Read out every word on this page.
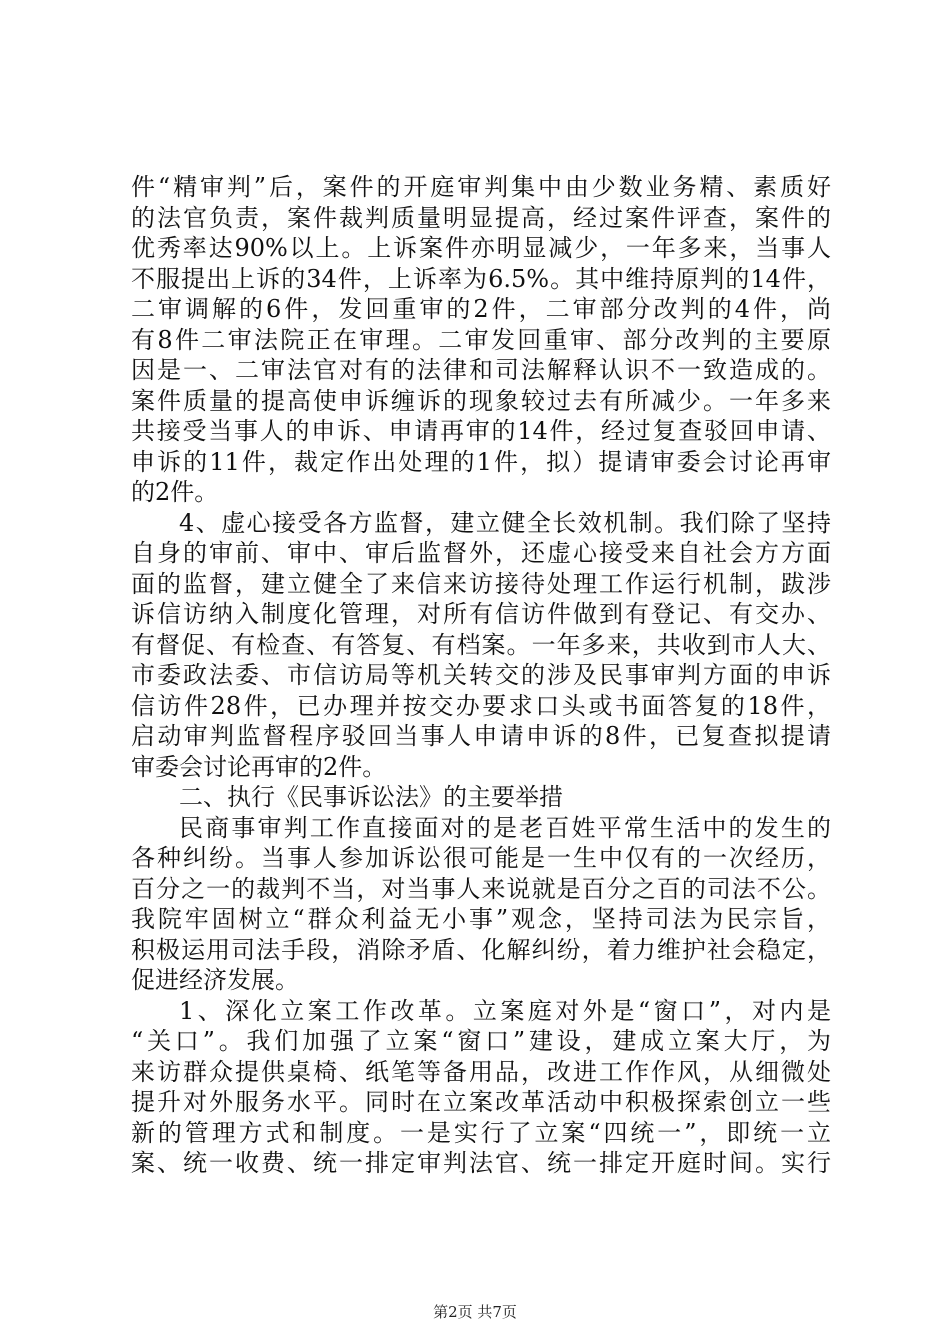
件“精审判”后，案件的开庭审判集中由少数业务精、素质好
的法官负责，案件裁判质量明显提高，经过案件评查，案件的
优秀率达90%以上。上诉案件亦明显减少，一年多来，当事人
不服提出上诉的34件，上诉率为6.5%。其中维持原判的14件，
二审调解的6件，发回重审的2件，二审部分改判的4件，尚
有8件二审法院正在审理。二审发回重审、部分改判的主要原
因是一、二审法官对有的法律和司法解释认识不一致造成的。
案件质量的提高使申诉缠诉的现象较过去有所减少。一年多来
共接受当事人的申诉、申请再审的14件，经过复查驳回申请、
申诉的11件，裁定作出处理的1件，拟）提请审委会讨论再审
的2件。
4、虚心接受各方监督，建立健全长效机制。我们除了坚持
自身的审前、审中、审后监督外，还虚心接受来自社会方方面
面的监督，建立健全了来信来访接待处理工作运行机制，跋涉
诉信访纳入制度化管理，对所有信访件做到有登记、有交办、
有督促、有检查、有答复、有档案。一年多来，共收到市人大、
市委政法委、市信访局等机关转交的涉及民事审判方面的申诉
信访件28件，已办理并按交办要求口头或书面答复的18件，
启动审判监督程序驳回当事人申请申诉的8件，已复查拟提请
审委会讨论再审的2件。
二、执行《民事诉讼法》的主要举措
民商事审判工作直接面对的是老百姓平常生活中的发生的
各种纠纷。当事人参加诉讼很可能是一生中仅有的一次经历，
百分之一的裁判不当，对当事人来说就是百分之百的司法不公。
我院牢固树立“群众利益无小事”观念，坚持司法为民宗旨，
积极运用司法手段，消除矛盾、化解纠纷，着力维护社会稳定，
促进经济发展。
1、深化立案工作改革。立案庭对外是“窗口”，对内是
“关口”。我们加强了立案“窗口”建设，建成立案大厅，为
来访群众提供桌椅、纸笔等备用品，改进工作作风，从细微处
提升对外服务水平。同时在立案改革活动中积极探索创立一些
新的管理方式和制度。一是实行了立案“四统一”，即统一立
案、统一收费、统一排定审判法官、统一排定开庭时间。实行
第2页 共7页
